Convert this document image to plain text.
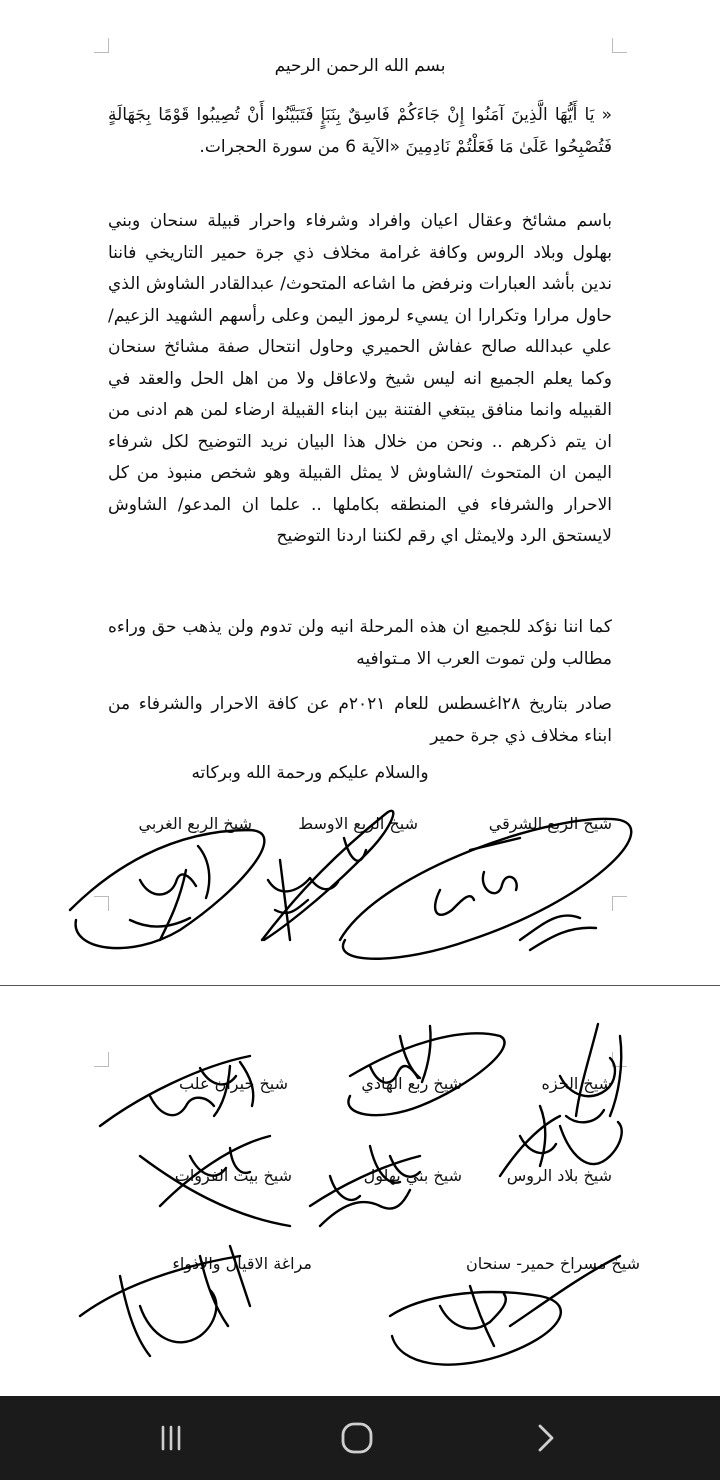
بسم الله الرحمن الرحيم
« يَا أَيُّهَا الَّذِينَ آمَنُوا إِنْ جَاءَكُمْ فَاسِقٌ بِنَبَإٍ فَتَبَيَّنُوا أَنْ تُصِيبُوا قَوْمًا بِجَهَالَةٍ فَتُصْبِحُوا عَلَىٰ مَا فَعَلْتُمْ نَادِمِينَ «الآية 6 من سورة الحجرات.
باسم مشائخ وعقال اعيان وافراد وشرفاء واحرار قبيلة سنحان وبني بهلول وبلاد الروس وكافة غرامة مخلاف ذي جرة حمير التاريخي فاننا ندين بأشد العبارات ونرفض ما اشاعه المتحوث/ عبدالقادر الشاوش الذي حاول مرارا وتكرارا ان يسيء لرموز اليمن وعلى رأسهم الشهيد الزعيم/علي عبدالله صالح عفاش الحميري وحاول انتحال صفة مشائخ سنحان وكما يعلم الجميع انه ليس شيخ ولاعاقل ولا من اهل الحل والعقد في القبيله وانما منافق يبتغي الفتنة بين ابناء القبيلة ارضاء لمن هم ادنى من ان يتم ذكرهم .. ونحن من خلال هذا البيان نريد التوضيح لكل شرفاء اليمن ان المتحوث /الشاوش لا يمثل القبيلة وهو شخص منبوذ من كل الاحرار والشرفاء في المنطقه بكاملها .. علما ان المدعو/ الشاوش لايستحق الرد ولايمثل اي رقم لكننا اردنا التوضيح
كما اننا نؤكد للجميع ان هذه المرحلة انيه ولن تدوم ولن يذهب حق وراءه مطالب ولن تموت العرب الا مـتوافيه
صادر بتاريخ ٢٨اغسطس للعام ٢٠٢١م عن كافة الاحرار والشرفاء من ابناء مخلاف ذي جرة حمير
والسلام عليكم ورحمة الله وبركاته
شيخ الربع الشرقي
شيخ الربع الاوسط
شيخ الربع الغربي
شيخ الحزه
شيخ ربع الهادي
شيخ حيران علب
شيخ بلاد الروس
شيخ بني بهلول
شيخ بيت الفروات
شيخ مسراخ حمير- سنحان
مراغة الاقيال والاذواء
